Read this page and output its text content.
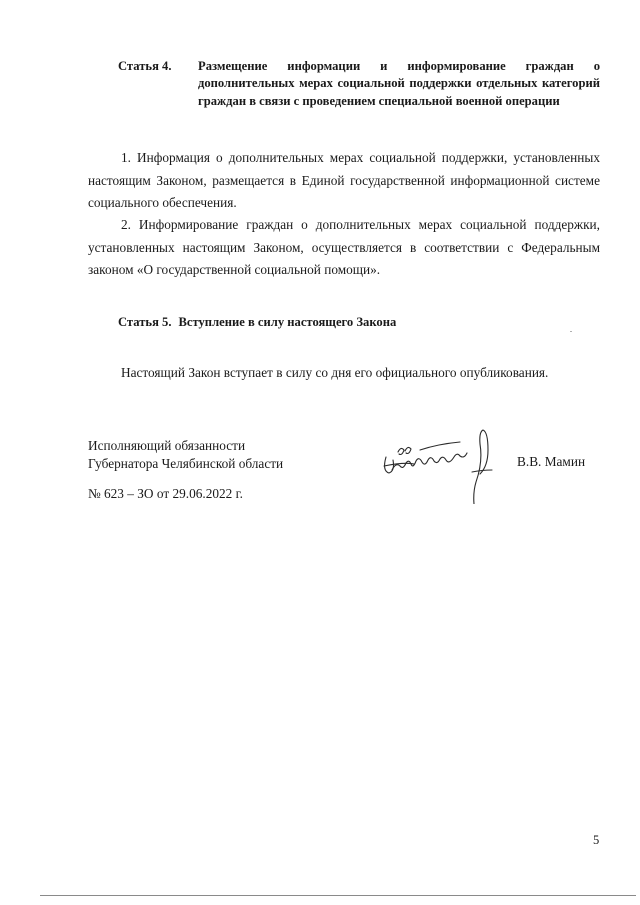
Статья 4. Размещение информации и информирование граждан о дополнительных мерах социальной поддержки отдельных категорий граждан в связи с проведением специальной военной операции

1. Информация о дополнительных мерах социальной поддержки, установленных настоящим Законом, размещается в Единой государственной информационной системе социального обеспечения.

2. Информирование граждан о дополнительных мерах социальной поддержки, установленных настоящим Законом, осуществляется в соответствии с Федеральным законом «О государственной социальной помощи».

Статья 5. Вступление в силу настоящего Закона
Настоящий Закон вступает в силу со дня его официального опубликования.
Исполняющий обязанности
Губернатора Челябинской области	В.В. Мамин
№ 623 – ЗО от 29.06.2022 г.
5
